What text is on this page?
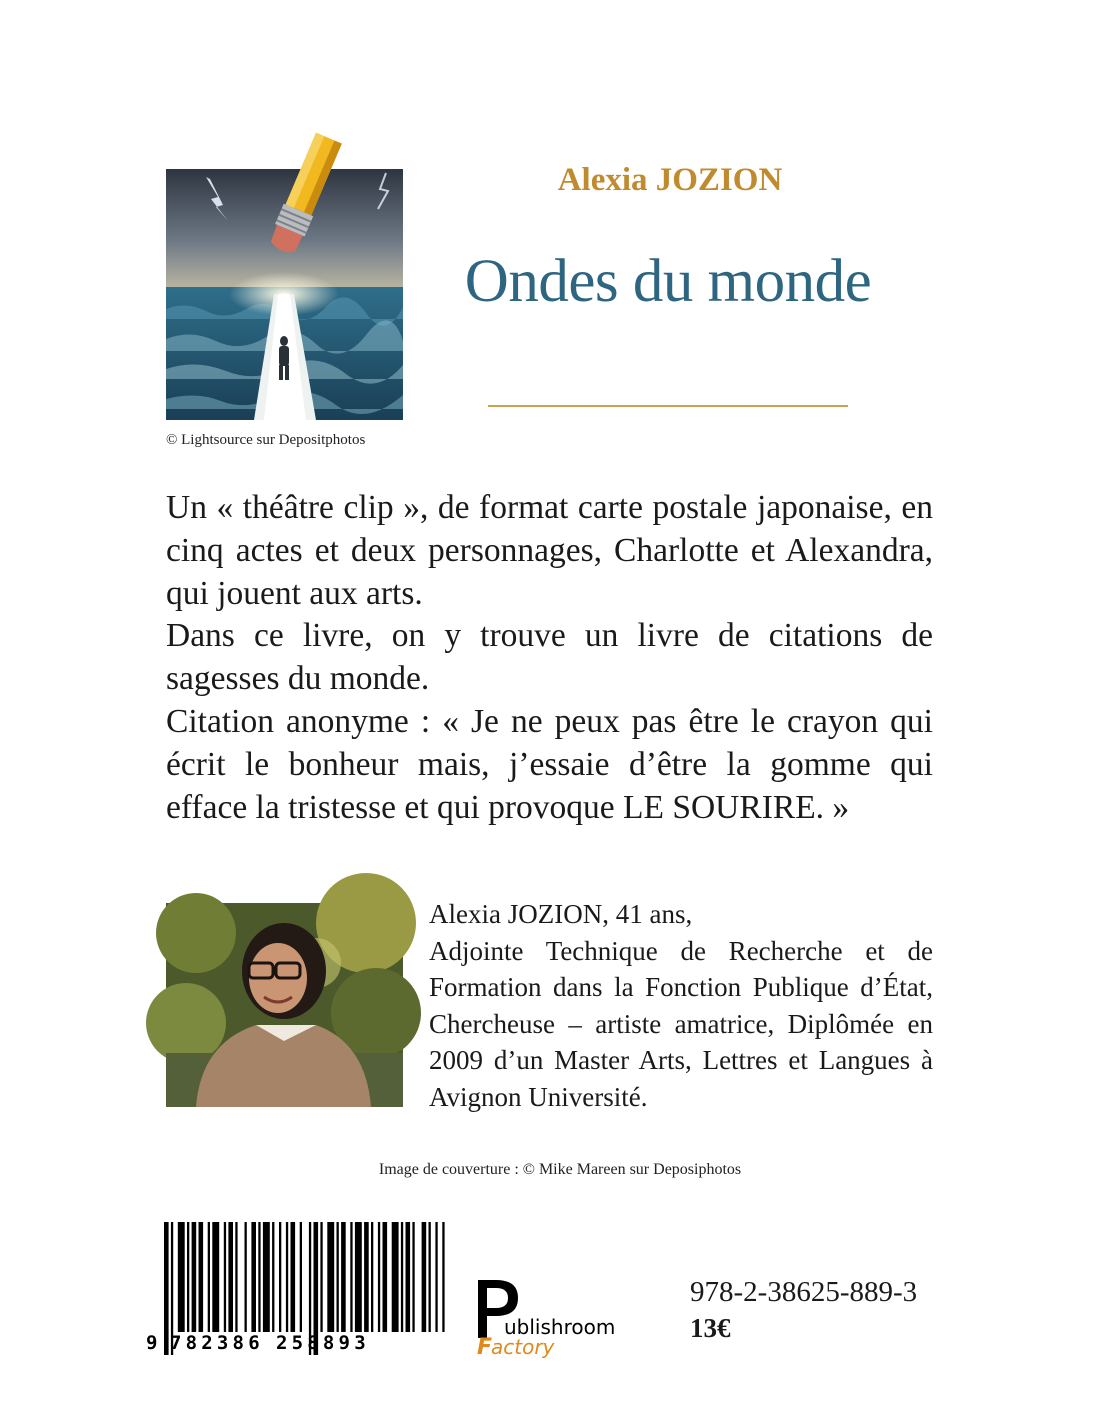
© Lightsource sur Depositphotos
Alexia JOZION
Ondes du monde

Un « théâtre clip », de format carte postale japonaise, en cinq actes et deux personnages, Charlotte et Alexandra, qui jouent aux arts.

Dans ce livre, on y trouve un livre de citations de sagesses du monde.

Citation anonyme : « Je ne peux pas être le crayon qui écrit le bonheur mais, j’essaie d’être la gomme qui efface la tristesse et qui provoque LE SOURIRE. »

Alexia JOZION, 41 ans,

Adjointe Technique de Recherche et de Formation dans la Fonction Publique d’État, Chercheuse – artiste amatrice, Diplômée en 2009 d’un Master Arts, Lettres et Langues à Avignon Université.

Image de couverture : © Mike Mareen sur Deposiphotos
9 782386 258893
ublishroom
F
actory
978-2-38625-889-3
13€
